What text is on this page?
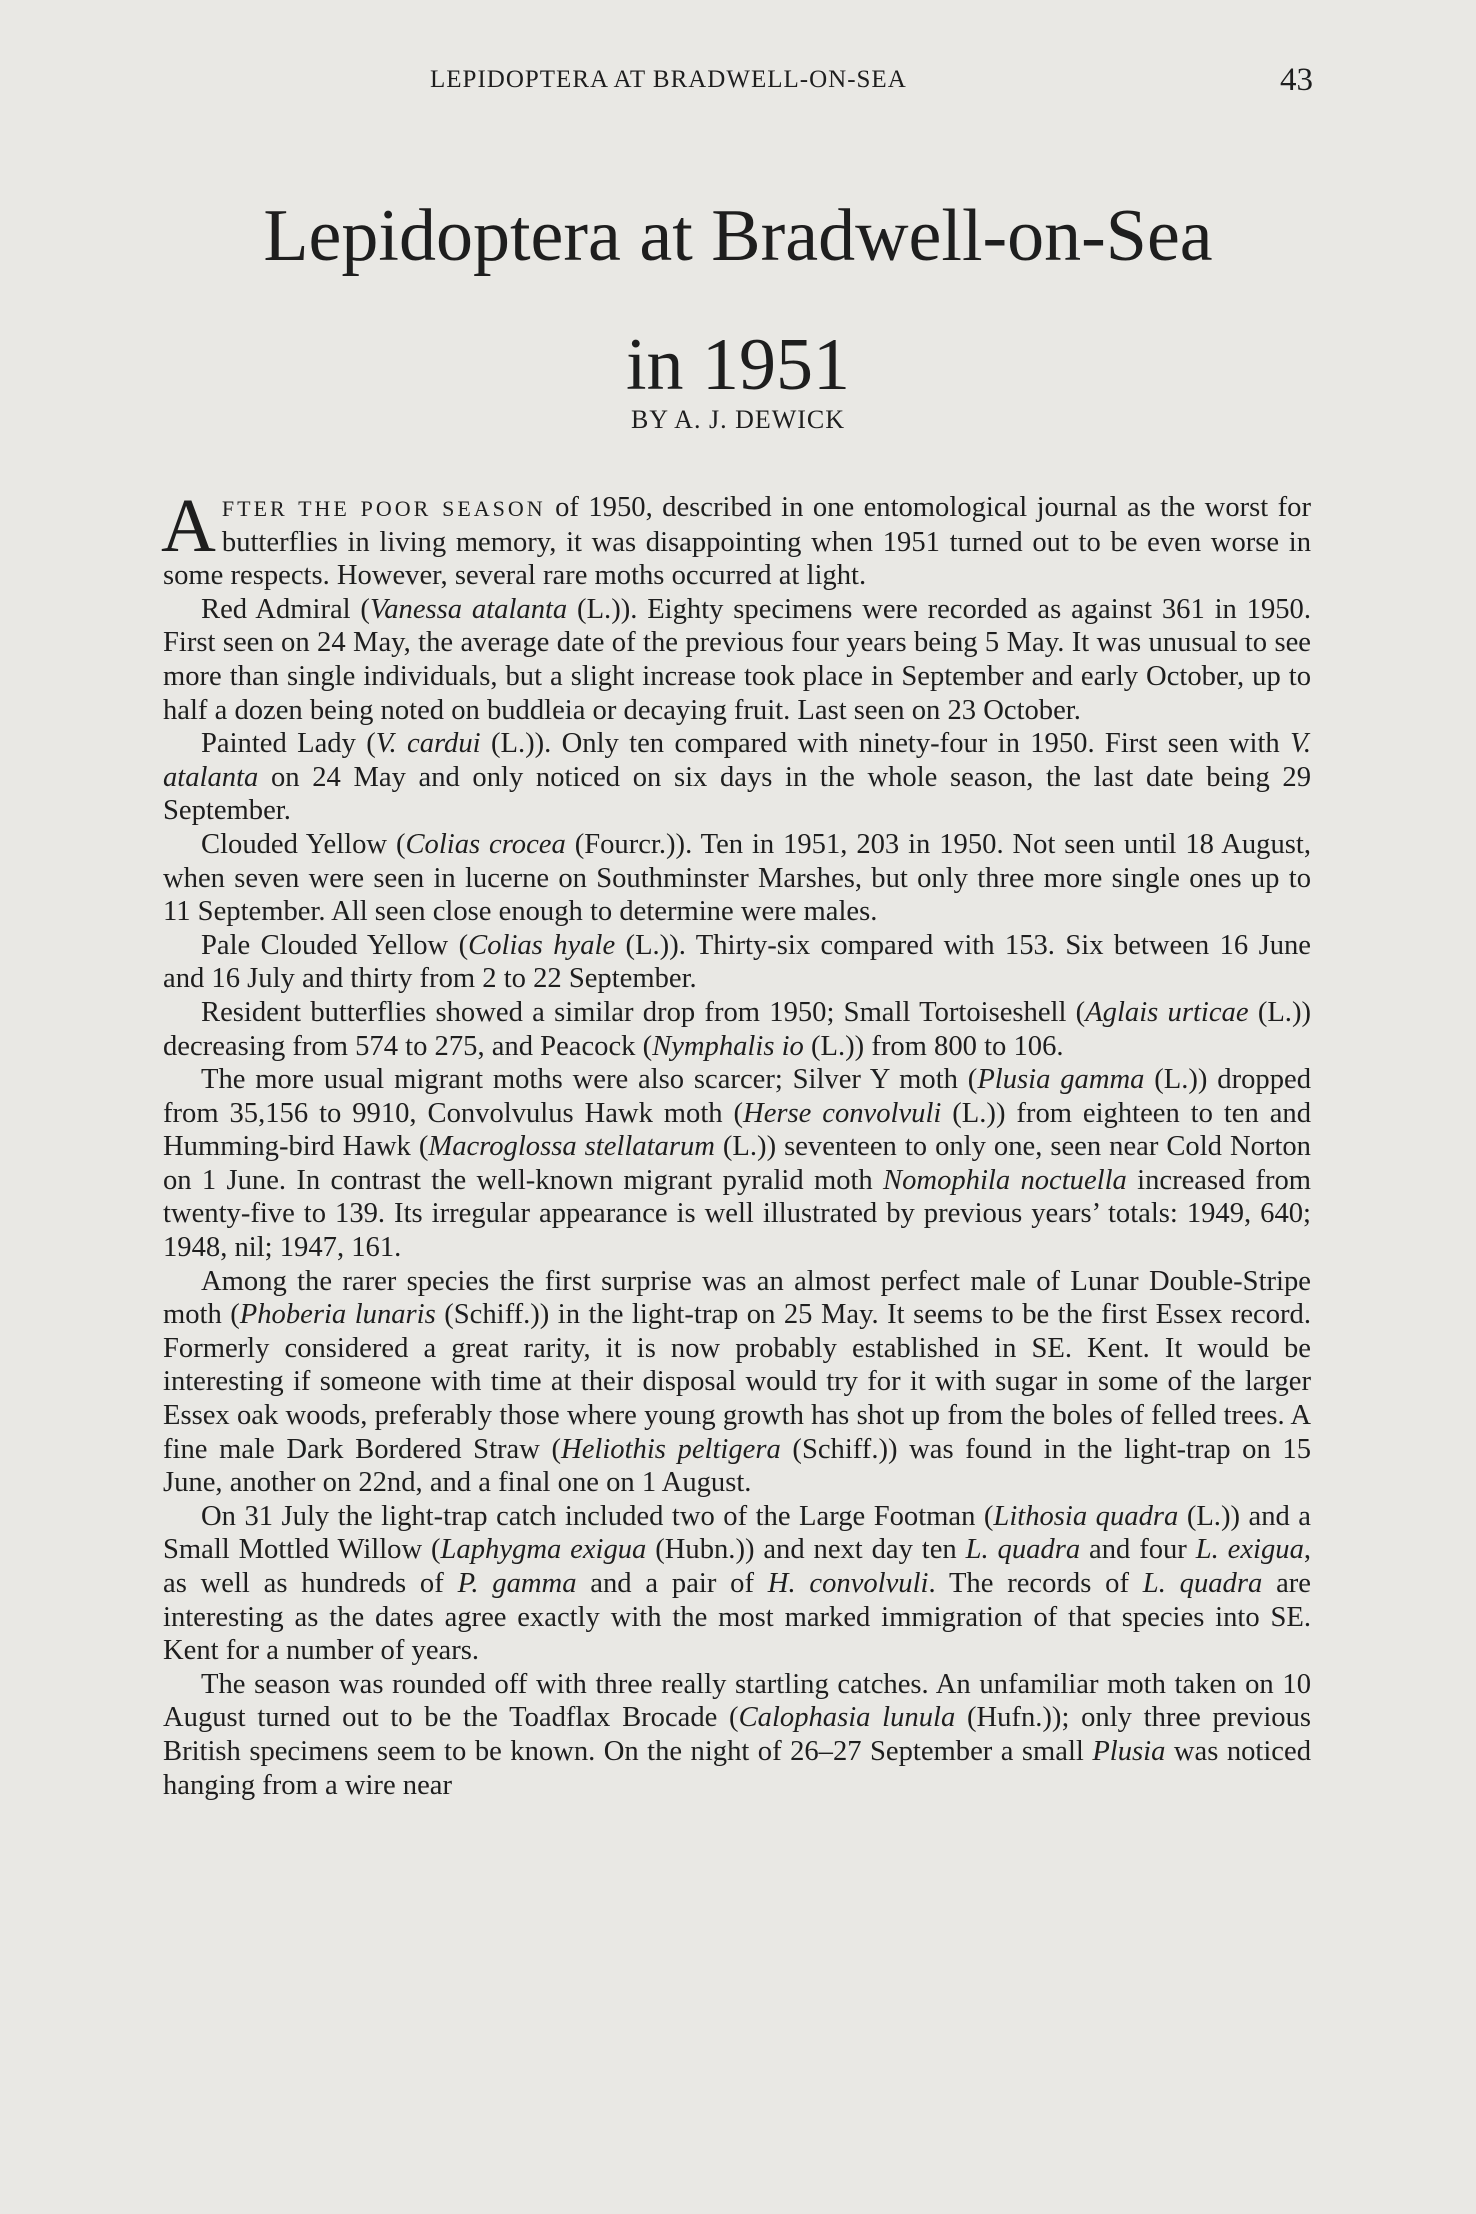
LEPIDOPTERA AT BRADWELL-ON-SEA	43
Lepidoptera at Bradwell-on-Sea
in 1951
BY A. J. DEWICK

AFTER THE POOR SEASON of 1950, described in one entomological journal as the worst for butterflies in living memory, it was disappointing when 1951 turned out to be even worse in some respects. However, several rare moths occurred at light.

Red Admiral (Vanessa atalanta (L.)). Eighty specimens were recorded as against 361 in 1950. First seen on 24 May, the average date of the previous four years being 5 May. It was unusual to see more than single individuals, but a slight increase took place in September and early October, up to half a dozen being noted on buddleia or decaying fruit. Last seen on 23 October.

Painted Lady (V. cardui (L.)). Only ten compared with ninety-four in 1950. First seen with V. atalanta on 24 May and only noticed on six days in the whole season, the last date being 29 September.

Clouded Yellow (Colias crocea (Fourcr.)). Ten in 1951, 203 in 1950. Not seen until 18 August, when seven were seen in lucerne on Southminster Marshes, but only three more single ones up to 11 September. All seen close enough to determine were males.

Pale Clouded Yellow (Colias hyale (L.)). Thirty-six compared with 153. Six between 16 June and 16 July and thirty from 2 to 22 September.

Resident butterflies showed a similar drop from 1950; Small Tortoiseshell (Aglais urticae (L.)) decreasing from 574 to 275, and Peacock (Nymphalis io (L.)) from 800 to 106.

The more usual migrant moths were also scarcer; Silver Y moth (Plusia gamma (L.)) dropped from 35,156 to 9910, Convolvulus Hawk moth (Herse convolvuli (L.)) from eighteen to ten and Humming-bird Hawk (Macroglossa stellatarum (L.)) seventeen to only one, seen near Cold Norton on 1 June. In contrast the well-known migrant pyralid moth Nomophila noctuella increased from twenty-five to 139. Its irregular appearance is well illustrated by previous years’ totals: 1949, 640; 1948, nil; 1947, 161.

Among the rarer species the first surprise was an almost perfect male of Lunar Double-Stripe moth (Phoberia lunaris (Schiff.)) in the light-trap on 25 May. It seems to be the first Essex record. Formerly considered a great rarity, it is now probably established in SE. Kent. It would be interesting if someone with time at their disposal would try for it with sugar in some of the larger Essex oak woods, preferably those where young growth has shot up from the boles of felled trees. A fine male Dark Bordered Straw (Heliothis peltigera (Schiff.)) was found in the light-trap on 15 June, another on 22nd, and a final one on 1 August.

On 31 July the light-trap catch included two of the Large Footman (Lithosia quadra (L.)) and a Small Mottled Willow (Laphygma exigua (Hubn.)) and next day ten L. quadra and four L. exigua, as well as hundreds of P. gamma and a pair of H. convolvuli. The records of L. quadra are interesting as the dates agree exactly with the most marked immigration of that species into SE. Kent for a number of years.

The season was rounded off with three really startling catches. An unfamiliar moth taken on 10 August turned out to be the Toadflax Brocade (Calophasia lunula (Hufn.)); only three previous British specimens seem to be known. On the night of 26–27 September a small Plusia was noticed hanging from a wire near
